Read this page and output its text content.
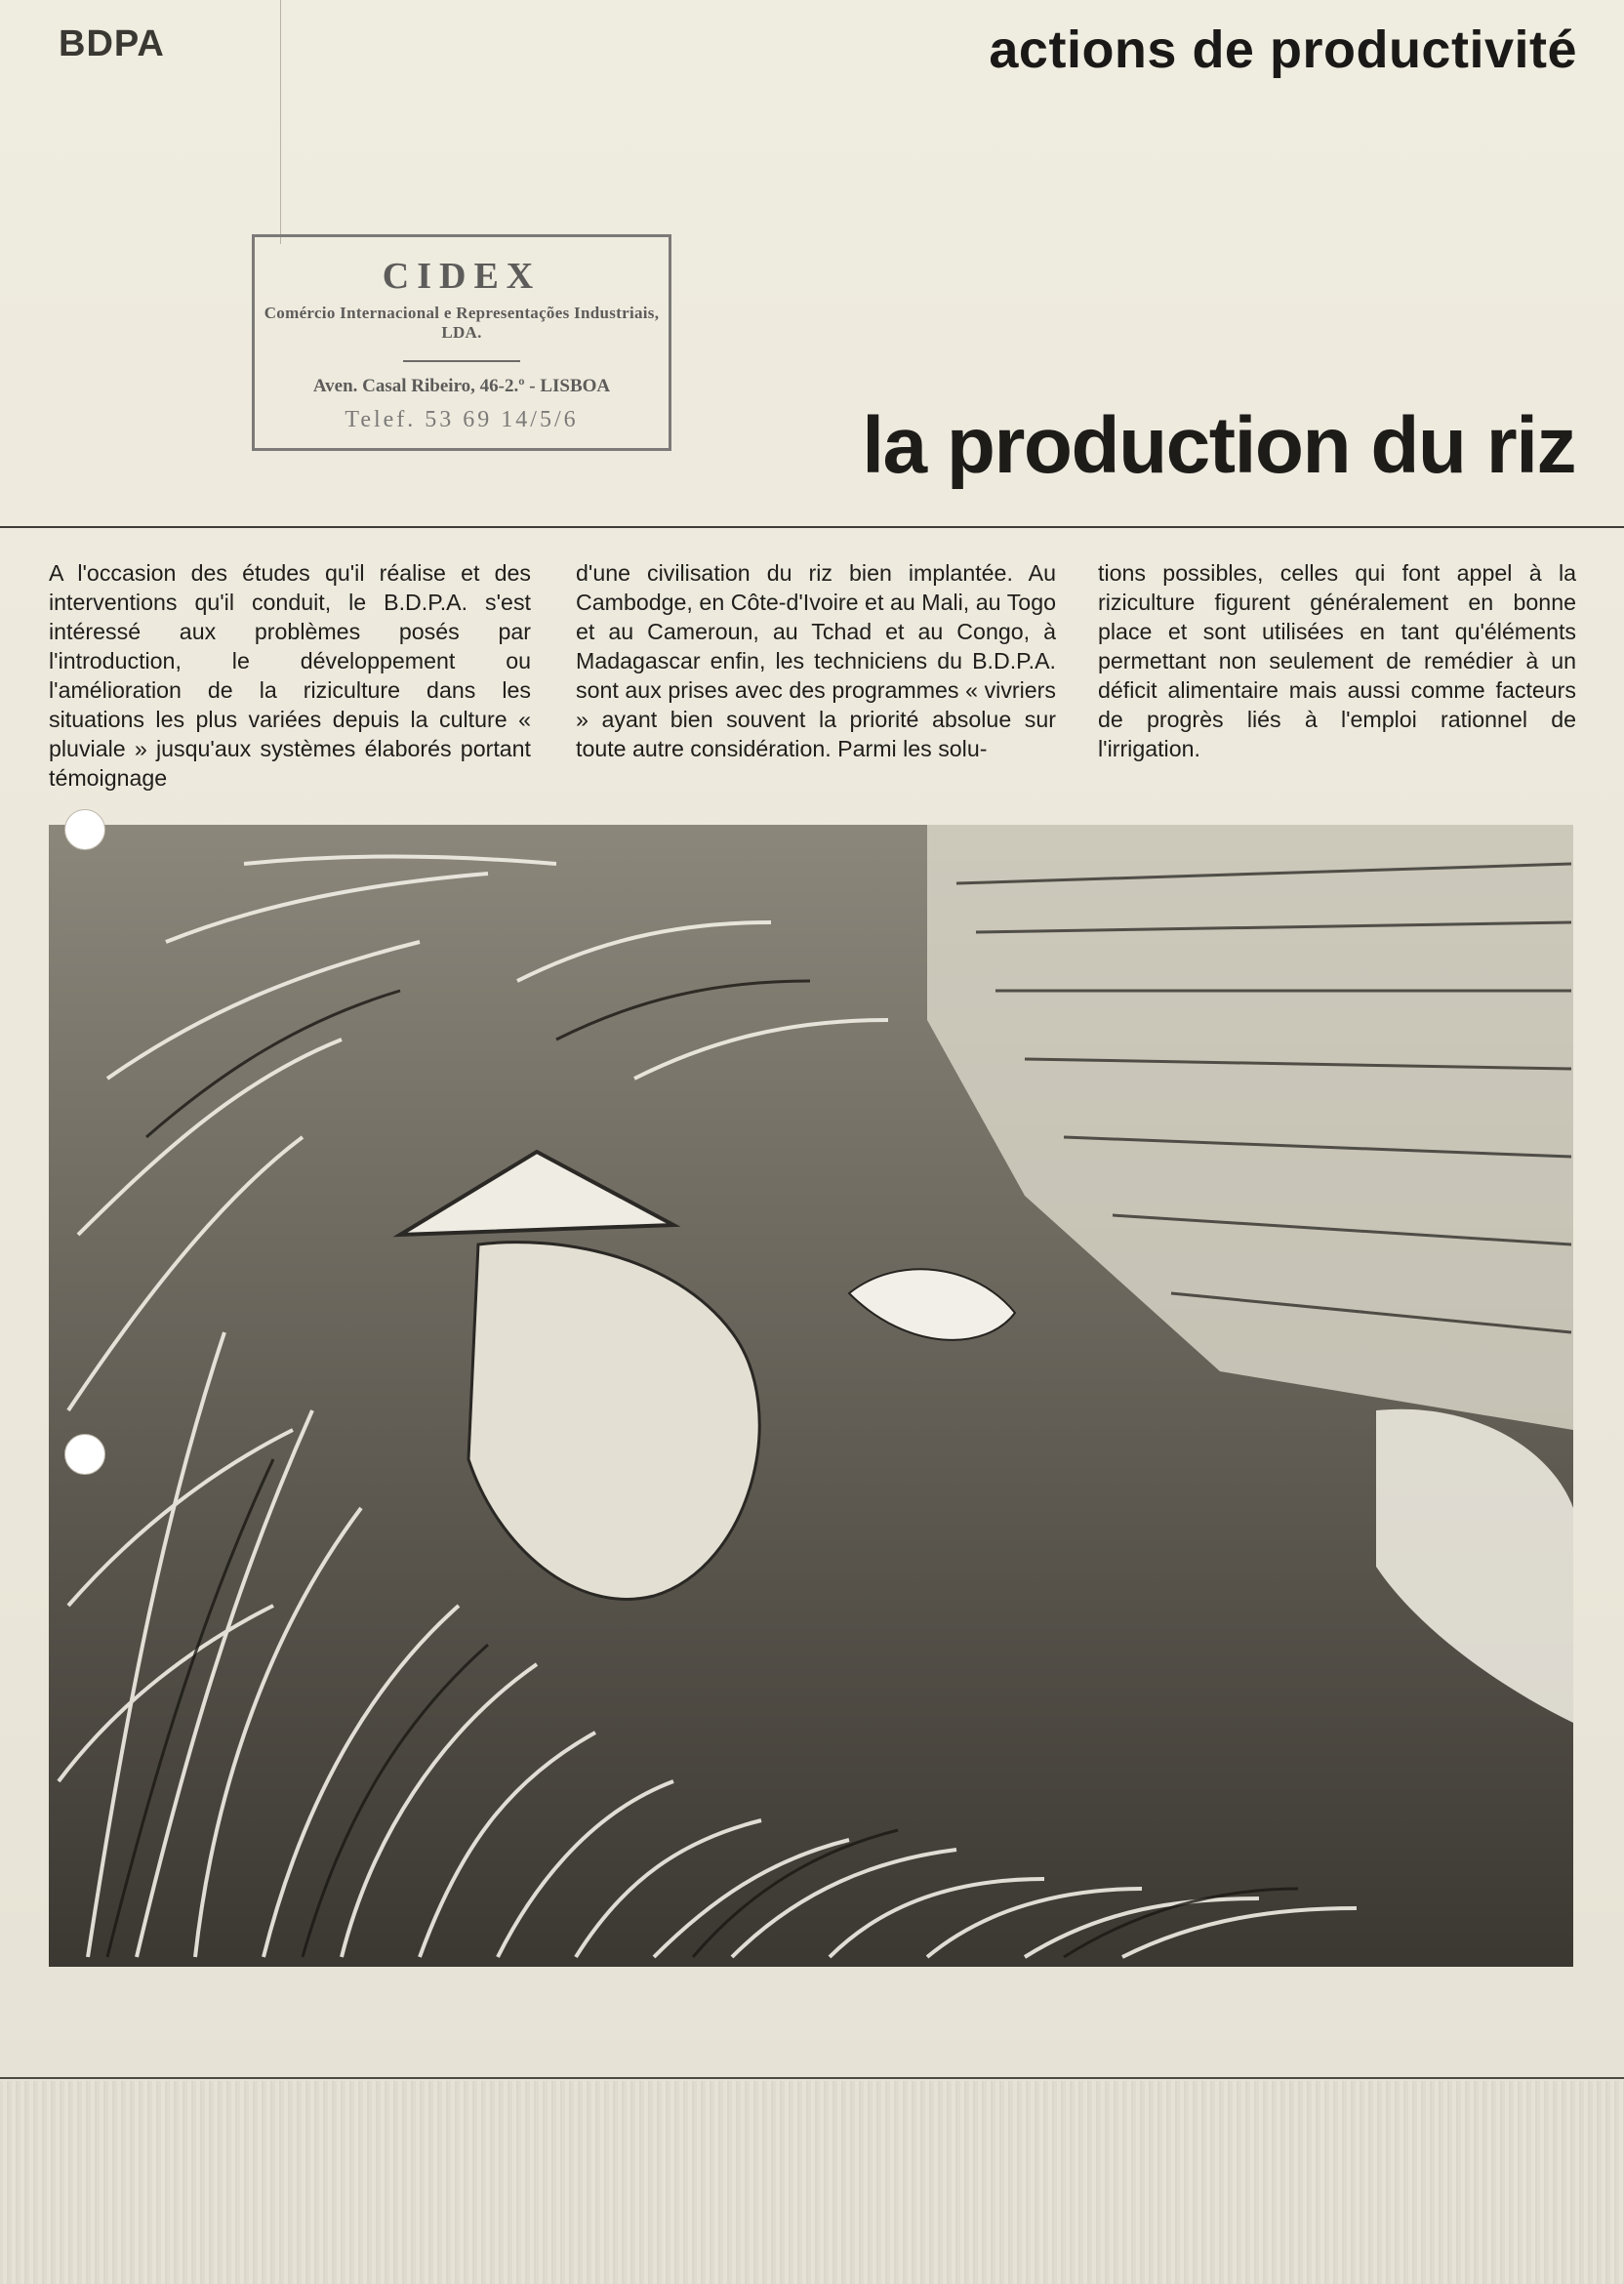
BDPA	actions de productivité
CIDEX
Comércio Internacional e Representações Industriais, LDA.
Aven. Casal Ribeiro, 46-2.º - LISBOA
Telef. 53 69 14/5/6	la production du riz

A l'occasion des études qu'il réalise et des interventions qu'il conduit, le B.D.P.A. s'est intéressé aux problèmes posés par l'introduction, le développement ou l'amélioration de la riziculture dans les situations les plus variées depuis la culture « pluviale » jusqu'aux systèmes élaborés portant témoignage

d'une civilisation du riz bien implantée. Au Cambodge, en Côte-d'Ivoire et au Mali, au Togo et au Cameroun, au Tchad et au Congo, à Madagascar enfin, les techniciens du B.D.P.A. sont aux prises avec des programmes « vivriers » ayant bien souvent la priorité absolue sur toute autre considération. Parmi les solu-

tions possibles, celles qui font appel à la riziculture figurent généralement en bonne place et sont utilisées en tant qu'éléments permettant non seulement de remédier à un déficit alimentaire mais aussi comme facteurs de progrès liés à l'emploi rationnel de l'irrigation.
